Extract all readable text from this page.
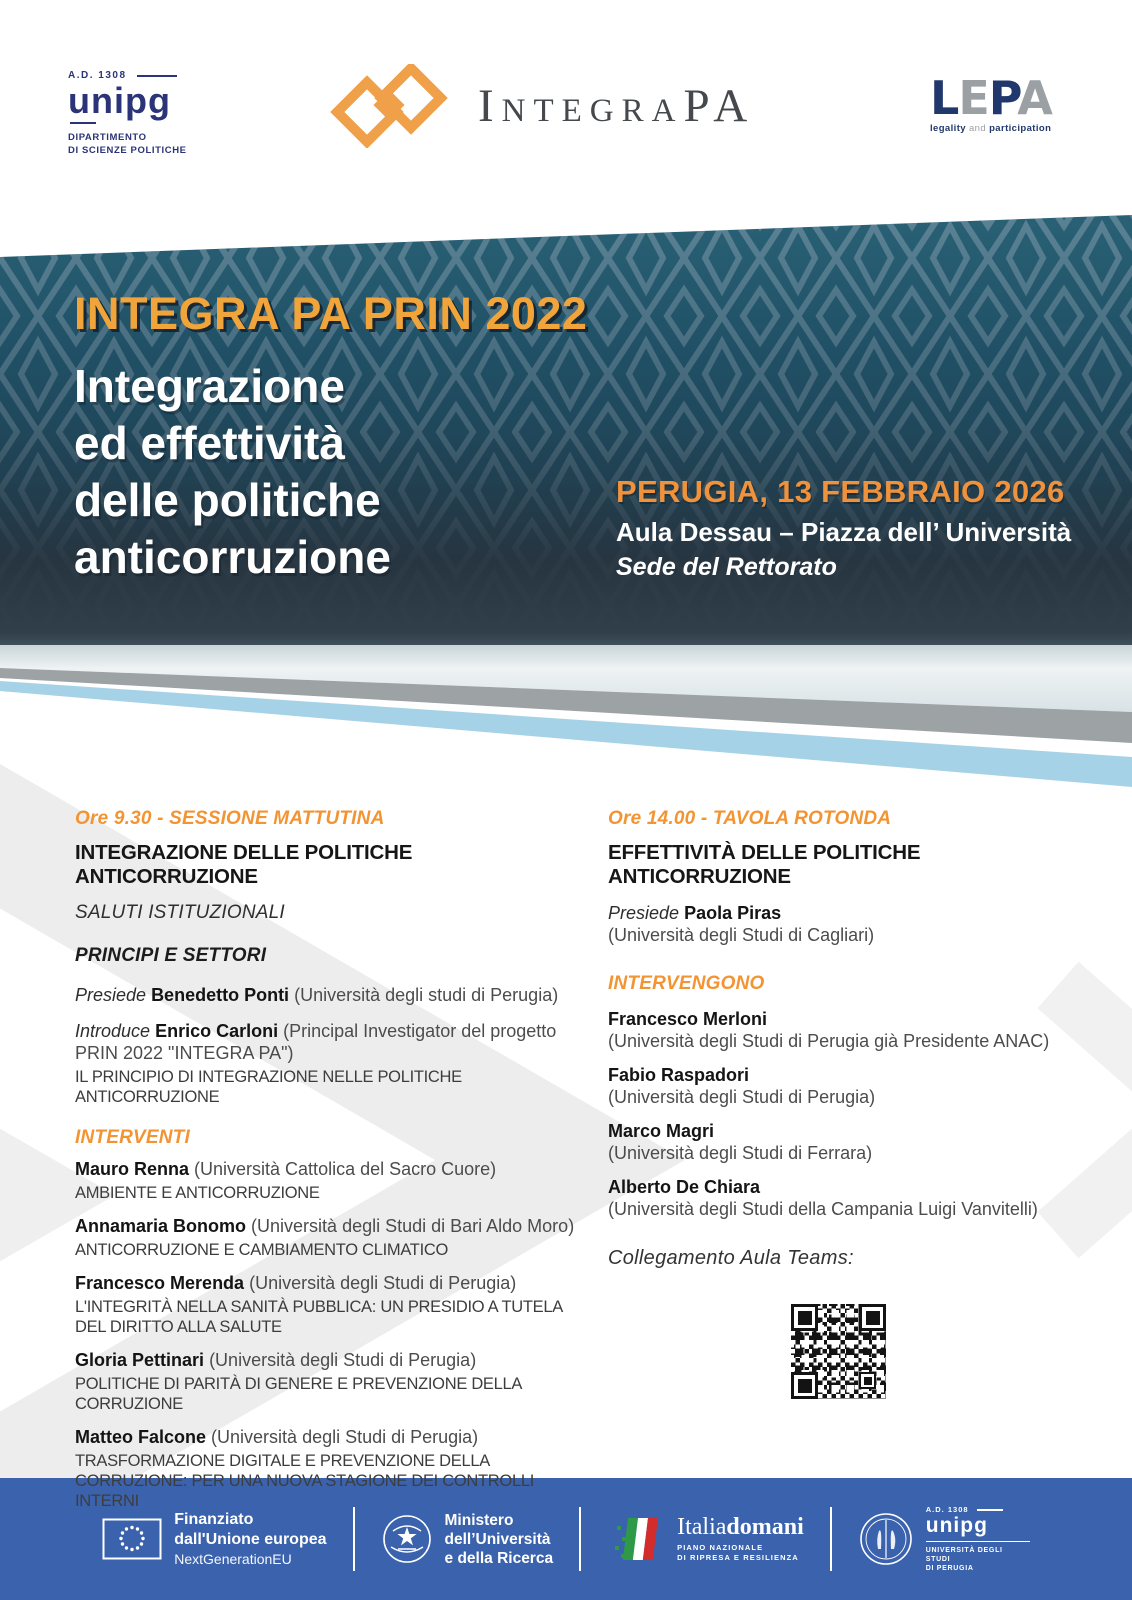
A.D. 1308
unipg
DIPARTIMENTO
DI SCIENZE POLITICHE
INTEGRAPA	LEPA
legality and participation
INTEGRA PA PRIN 2022
Integrazione
ed effettività
delle politiche
anticorruzione
PERUGIA, 13 FEBBRAIO 2026
Aula Dessau – Piazza dell’ Università
Sede del Rettorato
Ore 9.30 - SESSIONE MATTUTINA
INTEGRAZIONE DELLE POLITICHE ANTICORRUZIONE
SALUTI ISTITUZIONALI
PRINCIPI E SETTORI
Presiede Benedetto Ponti (Università degli studi di Perugia)
Introduce Enrico Carloni (Principal Investigator del progetto PRIN 2022 "INTEGRA PA")
IL PRINCIPIO DI INTEGRAZIONE NELLE POLITICHE ANTICORRUZIONE
INTERVENTI
Mauro Renna (Università Cattolica del Sacro Cuore)
AMBIENTE E ANTICORRUZIONE
Annamaria Bonomo (Università degli Studi di Bari Aldo Moro)
ANTICORRUZIONE E CAMBIAMENTO CLIMATICO
Francesco Merenda (Università degli Studi di Perugia)
L'INTEGRITÀ NELLA SANITÀ PUBBLICA: UN PRESIDIO A TUTELA DEL DIRITTO ALLA SALUTE
Gloria Pettinari (Università degli Studi di Perugia)
POLITICHE DI PARITÀ DI GENERE E PREVENZIONE DELLA CORRUZIONE
Matteo Falcone (Università degli Studi di Perugia)
TRASFORMAZIONE DIGITALE E PREVENZIONE DELLA CORRUZIONE: PER UNA NUOVA STAGIONE DEI CONTROLLI INTERNI
Ore 14.00 - TAVOLA ROTONDA
EFFETTIVITÀ DELLE POLITICHE ANTICORRUZIONE
Presiede Paola Piras
(Università degli Studi di Cagliari)
INTERVENGONO
Francesco Merloni
(Università degli Studi di Perugia già Presidente ANAC)
Fabio Raspadori
(Università degli Studi di Perugia)
Marco Magri
(Università degli Studi di Ferrara)
Alberto De Chiara
(Università degli Studi della Campania Luigi Vanvitelli)
Collegamento Aula Teams:
Finanziato
dall'Unione europea
NextGenerationEU
Ministero
dell’Università
e della Ricerca
Italiadomani
PIANO NAZIONALE
DI RIPRESA E RESILIENZA
A.D. 1308
unipg
UNIVERSITÀ DEGLI STUDI
DI PERUGIA
